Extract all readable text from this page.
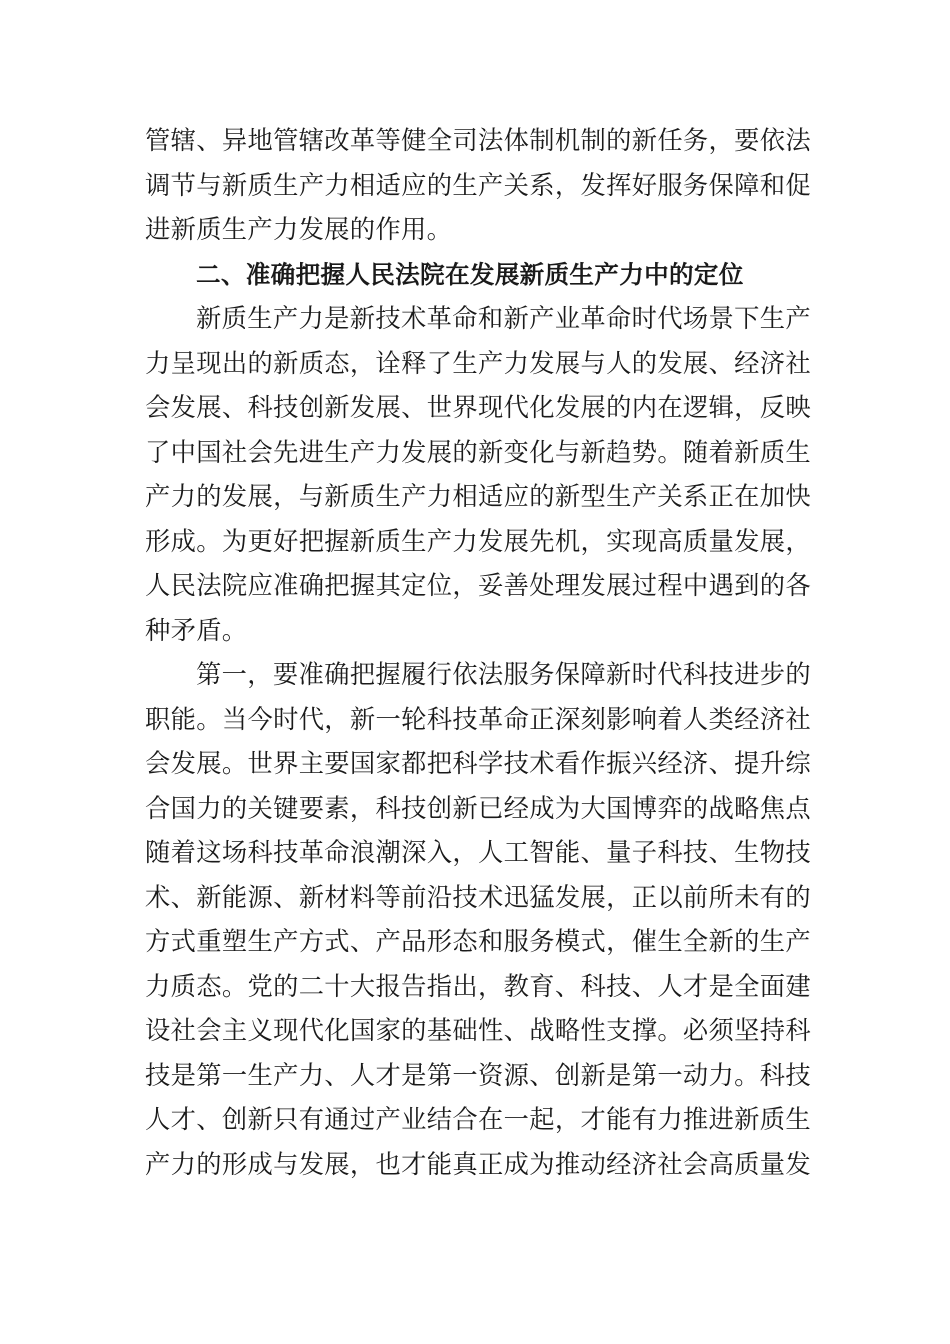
管辖、异地管辖改革等健全司法体制机制的新任务，要依法
调节与新质生产力相适应的生产关系，发挥好服务保障和促
进新质生产力发展的作用。
二、准确把握人民法院在发展新质生产力中的定位
新质生产力是新技术革命和新产业革命时代场景下生产
力呈现出的新质态，诠释了生产力发展与人的发展、经济社
会发展、科技创新发展、世界现代化发展的内在逻辑，反映
了中国社会先进生产力发展的新变化与新趋势。随着新质生
产力的发展，与新质生产力相适应的新型生产关系正在加快
形成。为更好把握新质生产力发展先机，实现高质量发展，
人民法院应准确把握其定位，妥善处理发展过程中遇到的各
种矛盾。
第一，要准确把握履行依法服务保障新时代科技进步的
职能。当今时代，新一轮科技革命正深刻影响着人类经济社
会发展。世界主要国家都把科学技术看作振兴经济、提升综
合国力的关键要素，科技创新已经成为大国博弈的战略焦点
随着这场科技革命浪潮深入，人工智能、量子科技、生物技
术、新能源、新材料等前沿技术迅猛发展，正以前所未有的
方式重塑生产方式、产品形态和服务模式，催生全新的生产
力质态。党的二十大报告指出，教育、科技、人才是全面建
设社会主义现代化国家的基础性、战略性支撑。必须坚持科
技是第一生产力、人才是第一资源、创新是第一动力。科技
人才、创新只有通过产业结合在一起，才能有力推进新质生
产力的形成与发展，也才能真正成为推动经济社会高质量发
